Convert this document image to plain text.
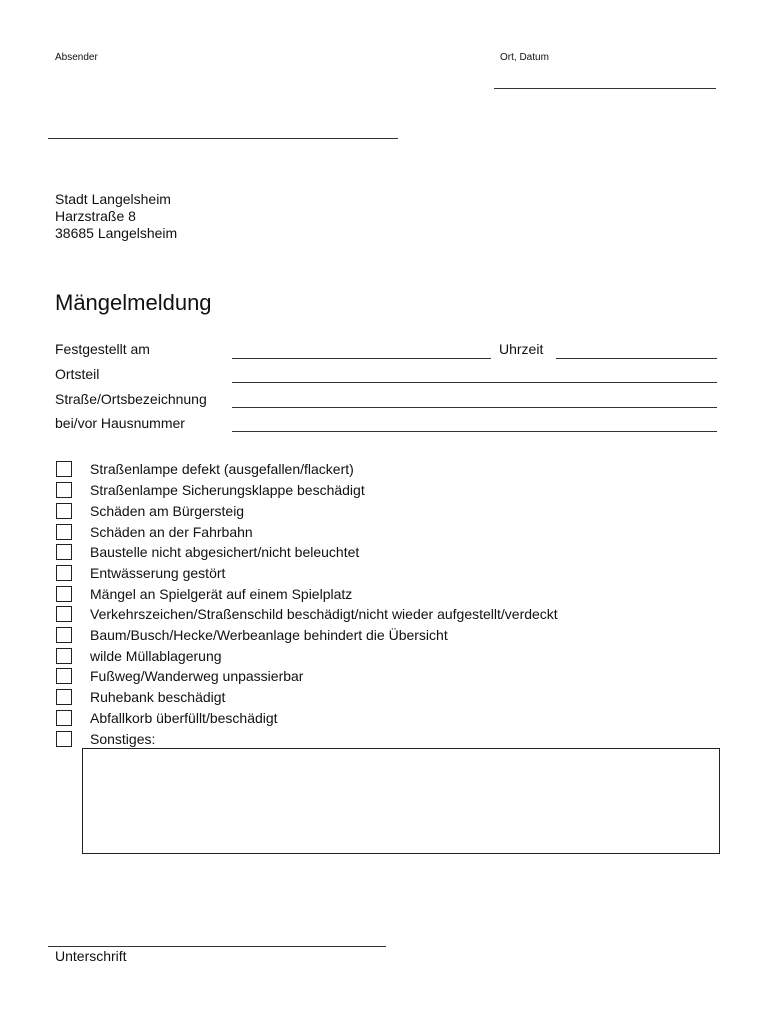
Absender	Ort, Datum
Stadt Langelsheim
Harzstraße 8
38685 Langelsheim
Mängelmeldung
Festgestellt am	Uhrzeit
Ortsteil
Straße/Ortsbezeichnung
bei/vor Hausnummer
Straßenlampe defekt (ausgefallen/flackert)
Straßenlampe Sicherungsklappe beschädigt
Schäden am Bürgersteig
Schäden an der Fahrbahn
Baustelle nicht abgesichert/nicht beleuchtet
Entwässerung gestört
Mängel an Spielgerät auf einem Spielplatz
Verkehrszeichen/Straßenschild beschädigt/nicht wieder aufgestellt/verdeckt
Baum/Busch/Hecke/Werbeanlage behindert die Übersicht
wilde Müllablagerung
Fußweg/Wanderweg unpassierbar
Ruhebank beschädigt
Abfallkorb überfüllt/beschädigt
Sonstiges:
Unterschrift
